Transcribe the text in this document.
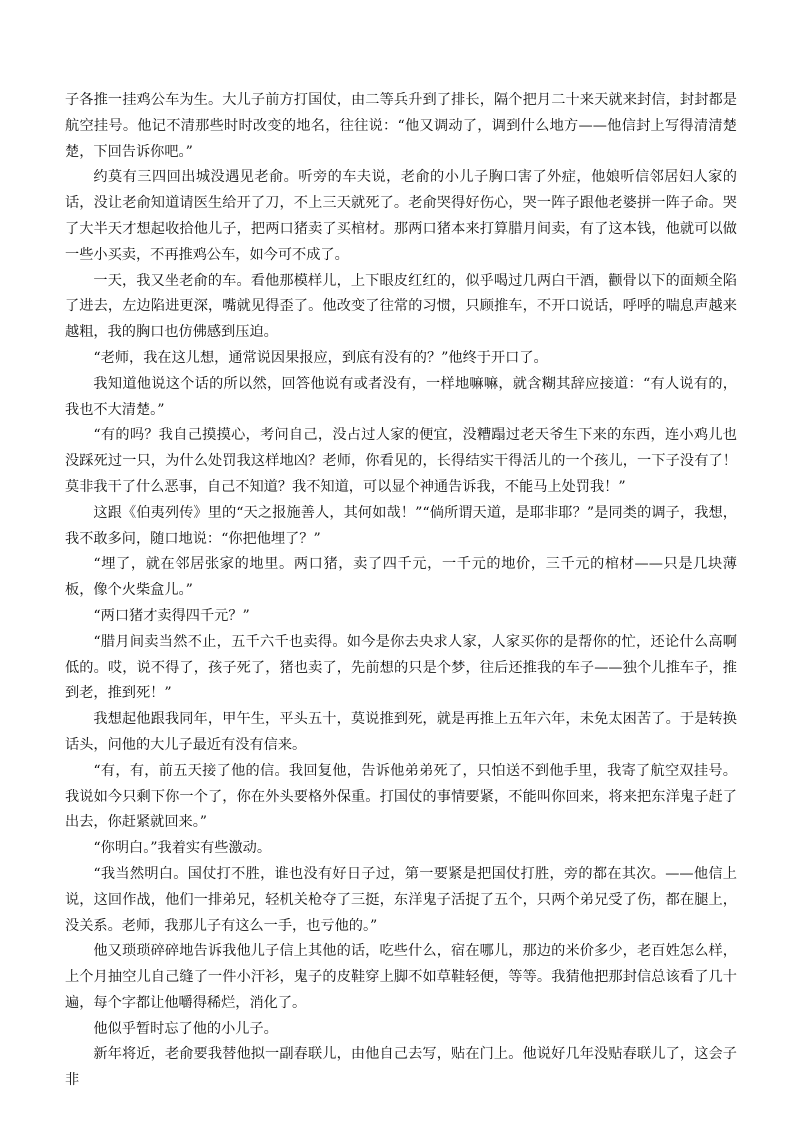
子各推一挂鸡公车为生。大儿子前方打国仗，由二等兵升到了排长，隔个把月二十来天就来封信，封封都是航空挂号。他记不清那些时时改变的地名，往往说：“他又调动了，调到什么地方——他信封上写得清清楚楚，下回告诉你吧。”

约莫有三四回出城没遇见老俞。听旁的车夫说，老俞的小儿子胸口害了外症，他娘听信邻居妇人家的话，没让老俞知道请医生给开了刀，不上三天就死了。老俞哭得好伤心，哭一阵子跟他老婆拼一阵子命。哭了大半天才想起收拾他儿子，把两口猪卖了买棺材。那两口猪本来打算腊月间卖，有了这本钱，他就可以做一些小买卖，不再推鸡公车，如今可不成了。

一天，我又坐老俞的车。看他那模样儿，上下眼皮红红的，似乎喝过几两白干酒，颧骨以下的面颊全陷了进去，左边陷进更深，嘴就见得歪了。他改变了往常的习惯，只顾推车，不开口说话，呼呼的喘息声越来越粗，我的胸口也仿佛感到压迫。

“老师，我在这儿想，通常说因果报应，到底有没有的？”他终于开口了。

我知道他说这个话的所以然，回答他说有或者没有，一样地嘛嘛，就含糊其辞应接道：“有人说有的，我也不大清楚。”

“有的吗？我自己摸摸心，考问自己，没占过人家的便宜，没糟蹋过老天爷生下来的东西，连小鸡儿也没踩死过一只，为什么处罚我这样地凶？老师，你看见的，长得结实干得活儿的一个孩儿，一下子没有了！莫非我干了什么恶事，自己不知道？我不知道，可以显个神通告诉我，不能马上处罚我！”

这跟《伯夷列传》里的“天之报施善人，其何如哉！”“倘所谓天道，是耶非耶？”是同类的调子，我想，我不敢多问，随口地说：“你把他埋了？”

“埋了，就在邻居张家的地里。两口猪，卖了四千元，一千元的地价，三千元的棺材——只是几块薄板，像个火柴盒儿。”

“两口猪才卖得四千元？”

“腊月间卖当然不止，五千六千也卖得。如今是你去央求人家，人家买你的是帮你的忙，还论什么高啊低的。哎，说不得了，孩子死了，猪也卖了，先前想的只是个梦，往后还推我的车子——独个儿推车子，推到老，推到死！”

我想起他跟我同年，甲午生，平头五十，莫说推到死，就是再推上五年六年，未免太困苦了。于是转换话头，问他的大儿子最近有没有信来。

“有，有，前五天接了他的信。我回复他，告诉他弟弟死了，只怕送不到他手里，我寄了航空双挂号。我说如今只剩下你一个了，你在外头要格外保重。打国仗的事情要紧，不能叫你回来，将来把东洋鬼子赶了出去，你赶紧就回来。”

“你明白。”我着实有些激动。

“我当然明白。国仗打不胜，谁也没有好日子过，第一要紧是把国仗打胜，旁的都在其次。——他信上说，这回作战，他们一排弟兄，轻机关枪夺了三挺，东洋鬼子活捉了五个，只两个弟兄受了伤，都在腿上，没关系。老师，我那儿子有这么一手，也亏他的。”

他又琐琐碎碎地告诉我他儿子信上其他的话，吃些什么，宿在哪儿，那边的米价多少，老百姓怎么样，上个月抽空儿自己缝了一件小汗衫，鬼子的皮鞋穿上脚不如草鞋轻便，等等。我猜他把那封信总该看了几十遍，每个字都让他嚼得稀烂，消化了。

他似乎暂时忘了他的小儿子。

新年将近，老俞要我替他拟一副春联儿，由他自己去写，贴在门上。他说好几年没贴春联儿了，这会子非
